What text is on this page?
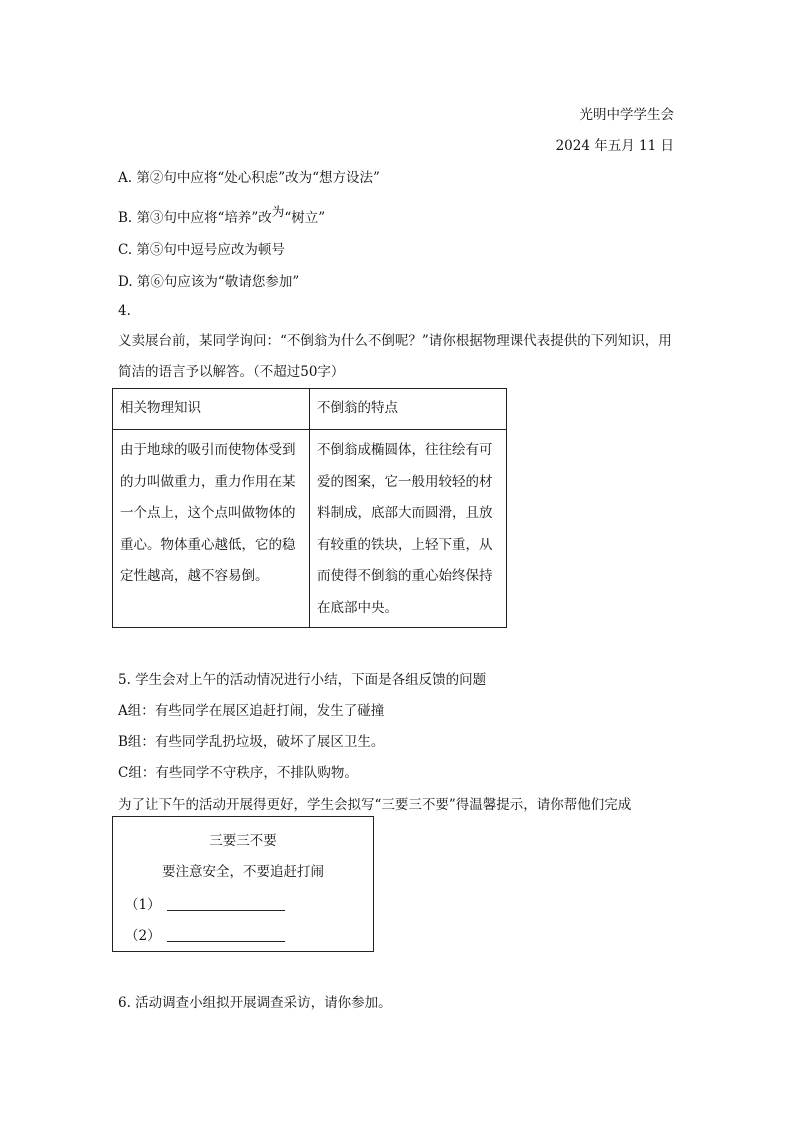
光明中学学生会
2024 年五月 11 日
A. 第②句中应将“处心积虑”改为“想方设法”
B. 第③句中应将“培养”改为“树立”
C. 第⑤句中逗号应改为顿号
D. 第⑥句应该为“敬请您参加”
4.
义卖展台前，某同学询问：“不倒翁为什么不倒呢？”请你根据物理课代表提供的下列知识，用简洁的语言予以解答。（不超过50字）
相关物理知识	不倒翁的特点
由于地球的吸引而使物体受到的力叫做重力，重力作用在某一个点上，这个点叫做物体的重心。物体重心越低，它的稳定性越高，越不容易倒。	不倒翁成椭圆体，往往绘有可爱的图案，它一般用较轻的材料制成，底部大而圆滑，且放有较重的铁块，上轻下重，从而使得不倒翁的重心始终保持在底部中央。
5. 学生会对上午的活动情况进行小结，下面是各组反馈的问题
A组：有些同学在展区追赶打闹，发生了碰撞
B组：有些同学乱扔垃圾，破坏了展区卫生。
C组：有些同学不守秩序，不排队购物。
为了让下午的活动开展得更好，学生会拟写“三要三不要”得温馨提示，请你帮他们完成
三要三不要
要注意安全，不要追赶打闹
（1）
（2）
6. 活动调查小组拟开展调查采访，请你参加。
